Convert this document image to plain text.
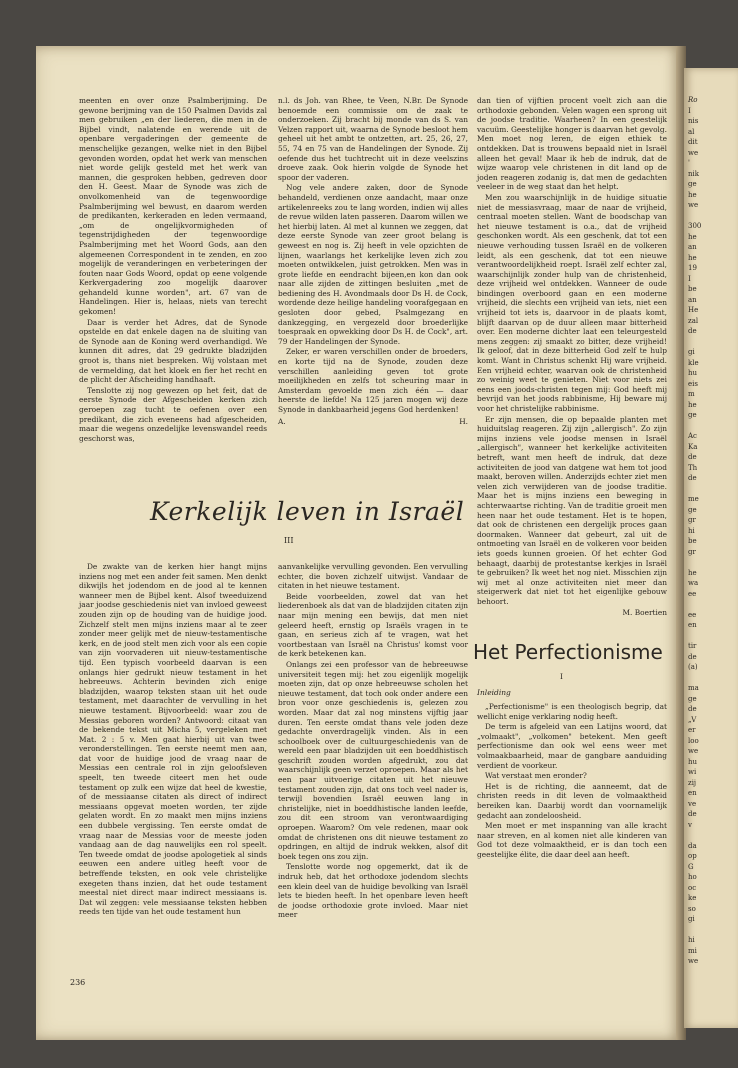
Ro
I
nis
al
dit
we
'
nik
ge
he
we
300
he
an
he
19
I
be
an
He
zal
de
gi
kle
hu
eis
m
he
ge
Ac
Ka
de
Th
de
me
ge
gr
hi
be
gr
he
wa
ee
ee
en
tir
de
(a)
ma
ge
de
„V
er
loo
we
hu
wi
zij
en
ve
de
v
da
op
G
ho
oc
ke
so
gi
hi
mi
we

meenten en over onze Psalmberijming. De gewone berijming van de 150 Psalmen Davids zal men gebruiken „en der liederen, die men in de Bijbel vindt, nalatende en werende uit de openbare vergaderingen der gemeente de menschelijke gezangen, welke niet in den Bijbel gevonden worden, opdat het werk van menschen niet worde gelijk gesteld met het werk van mannen, die gesproken hebben, gedreven door den H. Geest. Maar de Synode was zich de onvolkomenheid van de tegenwoordige Psalmberijming wel bewust, en daarom werden de predikanten, kerkeraden en leden vermaand, „om de ongelijkvormigheden of tegenstrijdigheden der tegenwoordige Psalmberijming met het Woord Gods, aan den algemeenen Correspondent in te zenden, en zoo mogelijk de veranderingen en verbeteringen der fouten naar Gods Woord, opdat op eene volgende Kerkvergadering zoo mogelijk daarover gehandeld kunne worden", art. 67 van de Handelingen. Hier is, helaas, niets van terecht gekomen!

Daar is verder het Adres, dat de Synode opstelde en dat enkele dagen na de sluiting van de Synode aan de Koning werd overhandigd. We kunnen dit adres, dat 29 gedrukte bladzijden groot is, thans niet bespreken. Wij volstaan met de vermelding, dat het kloek en fier het recht en de plicht der Afscheiding handhaaft.

Tenslotte zij nog gewezen op het feit, dat de eerste Synode der Afgescheiden kerken zich geroepen zag tucht te oefenen over een predikant, die zich eveneens had afgescheiden, maar die wegens onzedelijke levenswandel reeds geschorst was,

n.l. ds Joh. van Rhee, te Veen, N.Br. De Synode benoemde een commissie om de zaak te onderzoeken. Zij bracht bij monde van ds S. van Velzen rapport uit, waarna de Synode besloot hem geheel uit het ambt te ontzetten, art. 25, 26, 27, 55, 74 en 75 van de Handelingen der Synode. Zij oefende dus het tuchtrecht uit in deze veelszins droeve zaak. Ook hierin volgde de Synode het spoor der vaderen.

Nog vele andere zaken, door de Synode behandeld, verdienen onze aandacht, maar onze artikelenreeks zou te lang worden, indien wij alles de revue wilden laten passeren. Daarom willen we het hierbij laten. Al met al kunnen we zeggen, dat deze eerste Synode van zeer groot belang is geweest en nog is. Zij heeft in vele opzichten de lijnen, waarlangs het kerkelijke leven zich zou moeten ontwikkelen, juist getrokken. Men was in grote liefde en eendracht bijeen,en kon dan ook naar alle zijden de zittingen besluiten „met de bediening des H. Avondmaals door Ds H. de Cock, wordende deze heilige handeling voorafgegaan en gesloten door gebed, Psalmgezang en dankzegging, en vergezeld door broederlijke toespraak en opwekking door Ds H. de Cock", art. 79 der Handelingen der Synode.

Zeker, er waren verschillen onder de broeders, en korte tijd na de Synode, zouden deze verschillen aanleiding geven tot grote moeilijkheden en zelfs tot scheuring maar in Amsterdam gevoelde men zich één — daar heerste de liefde! Na 125 jaren mogen wij deze Synode in dankbaarheid jegens God herdenken!

A.	H.

dan tien of vijftien procent voelt zich aan die orthodoxie gebonden. Velen wagen een sprong uit de joodse traditie. Waarheen? In een geestelijk vacuüm. Geestelijke honger is daarvan het gevolg. Men moet nog leren, de eigen ethiek te ontdekken. Dat is trouwens bepaald niet in Israël alleen het geval! Maar ik heb de indruk, dat de wijze waarop vele christenen in dit land op de joden reageren zodanig is, dat men de gedachten veeleer in de weg staat dan het helpt.

Men zou waarschijnlijk in de huidige situatie niet de messiasvraag, maar de naar de vrijheid, centraal moeten stellen. Want de boodschap van het nieuwe testament is o.a., dat de vrijheid geschonken wordt. Als een geschenk, dat tot een nieuwe verhouding tussen Israël en de volkeren leidt, als een geschenk, dat tot een nieuwe verantwoordelijkheid roept. Israël zelf echter zal, waarschijnlijk zonder hulp van de christenheid, deze vrijheid wel ontdekken. Wanneer de oude bindingen overboord gaan en een moderne vrijheid, die slechts een vrijheid van iets, niet een vrijheid tot iets is, daarvoor in de plaats komt, blijft daarvan op de duur alleen maar bitterheid over. Een moderne dichter laat een teleurgesteld mens zeggen: zij smaakt zo bitter, deze vrijheid! Ik geloof, dat in deze bitterheid God zelf te hulp komt. Want in Christus schenkt Hij ware vrijheid. Een vrijheid echter, waarvan ook de christenheid zo weinig weet te genieten. Niet voor niets zei eens een joods-christen tegen mij: God heeft mij bevrijd van het joods rabbinisme, Hij beware mij voor het christelijke rabbinisme.

Er zijn mensen, die op bepaalde planten met huiduitslag reageren. Zij zijn „allergisch". Zo zijn mijns inziens vele joodse mensen in Israël „allergisch", wanneer het kerkelijke activiteiten betreft, want men heeft de indruk, dat deze activiteiten de jood van datgene wat hem tot jood maakt, beroven willen. Anderzijds echter ziet men velen zich verwijderen van de joodse traditie. Maar het is mijns inziens een beweging in achterwaartse richting. Van de traditie groeit men heen naar het oude testament. Het is te hopen, dat ook de christenen een dergelijk proces gaan doormaken. Wanneer dat gebeurt, zal uit de ontmoeting van Israël en de volkeren voor beiden iets goeds kunnen groeien. Of het echter God behaagt, daarbij de protestantse kerkjes in Israël te gebruiken? Ik weet het nog niet. Misschien zijn wij met al onze activiteiten niet meer dan steigerwerk dat niet tot het eigenlijke gebouw behoort.

M. Boertien
Kerkelijk leven in Israël
III

De zwakte van de kerken hier hangt mijns inziens nog met een ander feit samen. Men denkt dikwijls het jodendom en de jood al te kennen wanneer men de Bijbel kent. Alsof tweeduizend jaar joodse geschiedenis niet van invloed geweest zouden zijn op de houding van de huidige jood. Zichzelf stelt men mijns inziens maar al te zeer zonder meer gelijk met de nieuw-testamentische kerk, en de jood stelt men zich voor als een copie van zijn voorvaderen uit nieuw-testamentische tijd. Een typisch voorbeeld daarvan is een onlangs hier gedrukt nieuw testament in het hebreeuws. Achterin bevinden zich enige bladzijden, waarop teksten staan uit het oude testament, met daarachter de vervulling in het nieuwe testament. Bijvoorbeeld: waar zou de Messias geboren worden? Antwoord: citaat van de bekende tekst uit Micha 5, vergeleken met Mat. 2 : 5 v. Men gaat hierbij uit van twee veronderstellingen. Ten eerste neemt men aan, dat voor de huidige jood de vraag naar de Messias een centrale rol in zijn geloofsleven speelt, ten tweede citeert men het oude testament op zulk een wijze dat heel de kwestie, of de messiaanse citaten als direct of indirect messiaans opgevat moeten worden, ter zijde gelaten wordt. En zo maakt men mijns inziens een dubbele vergissing. Ten eerste omdat de vraag naar de Messias voor de meeste joden vandaag aan de dag nauwelijks een rol speelt. Ten tweede omdat de joodse apologetiek al sinds eeuwen een andere uitleg heeft voor de betreffende teksten, en ook vele christelijke exegeten thans inzien, dat het oude testament meestal niet direct maar indirect messiaans is. Dat wil zeggen: vele messiaanse teksten hebben reeds ten tijde van het oude testament hun

aanvankelijke vervulling gevonden. Een vervulling echter, die boven zichzelf uitwijst. Vandaar de citaten in het nieuwe testament.

Beide voorbeelden, zowel dat van het liederenboek als dat van de bladzijden citaten zijn naar mijn mening een bewijs, dat men niet geleerd heeft, ernstig op Israëls vragen in te gaan, en serieus zich af te vragen, wat het voortbestaan van Israël na Christus' komst voor de kerk betekenen kan.

Onlangs zei een professor van de hebreeuwse universiteit tegen mij: het zou eigenlijk mogelijk moeten zijn, dat op onze hebreeuwse scholen het nieuwe testament, dat toch ook onder andere een bron voor onze geschiedenis is, gelezen zou worden. Maar dat zal nog minstens vijftig jaar duren. Ten eerste omdat thans vele joden deze gedachte onverdragelijk vinden. Als in een schoolboek over de cultuurgeschiedenis van de wereld een paar bladzijden uit een boeddhistisch geschrift zouden worden afgedrukt, zou dat waarschijnlijk geen verzet oproepen. Maar als het een paar uitvoerige citaten uit het nieuwe testament zouden zijn, dat ons toch veel nader is, terwijl bovendien Israël eeuwen lang in christelijke, niet in boeddhistische landen leefde, zou dit een stroom van verontwaardiging oproepen. Waarom? Om vele redenen, maar ook omdat de christenen ons dit nieuwe testament zo opdringen, en altijd de indruk wekken, alsof dit boek tegen ons zou zijn.

Tenslotte worde nog opgemerkt, dat ik de indruk heb, dat het orthodoxe jodendom slechts een klein deel van de huidige bevolking van Israël lets te bieden heeft. In het openbare leven heeft de joodse orthodoxie grote invloed. Maar niet meer

Het Perfectionisme
I
Inleiding

„Perfectionisme" is een theologisch begrip, dat wellicht enige verklaring nodig heeft.

De term is afgeleid van een Latijns woord, dat „volmaakt", „volkomen" betekent. Men geeft perfectionisme dan ook wel eens weer met volmaakbaarheid, maar de gangbare aanduiding verdient de voorkeur.

Wat verstaat men eronder?

Het is de richting, die aanneemt, dat de christen reeds in dit leven de volmaaktheid bereiken kan. Daarbij wordt dan voornamelijk gedacht aan zondeloosheid.

Men moet er met inspanning van alle kracht naar streven, en al komen niet alle kinderen van God tot deze volmaaktheid, er is dan toch een geestelijke élite, die daar deel aan heeft.

236
